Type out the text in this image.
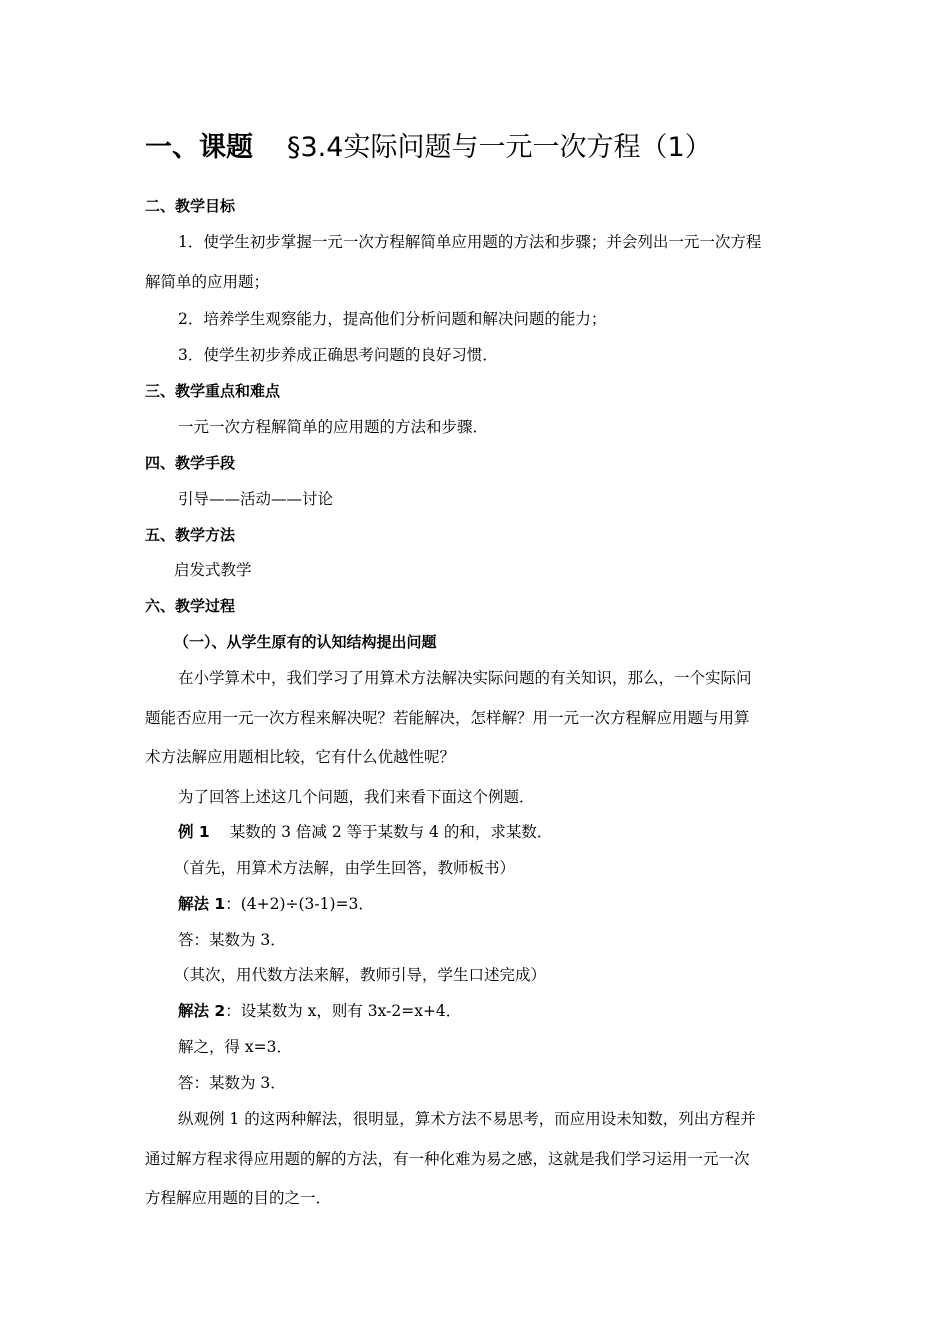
一、课题 §3.4实际问题与一元一次方程（1）
二、教学目标
1．使学生初步掌握一元一次方程解简单应用题的方法和步骤；并会列出一元一次方程
解简单的应用题；
2．培养学生观察能力，提高他们分析问题和解决问题的能力；
3．使学生初步养成正确思考问题的良好习惯．
三、教学重点和难点
一元一次方程解简单的应用题的方法和步骤．
四、教学手段
引导——活动——讨论
五、教学方法
启发式教学
六、教学过程
（一）、从学生原有的认知结构提出问题
在小学算术中，我们学习了用算术方法解决实际问题的有关知识，那么，一个实际问
题能否应用一元一次方程来解决呢？若能解决，怎样解？用一元一次方程解应用题与用算
术方法解应用题相比较，它有什么优越性呢？
为了回答上述这几个问题，我们来看下面这个例题．
例 1 某数的 3 倍减 2 等于某数与 4 的和，求某数．
（首先，用算术方法解，由学生回答，教师板书）
解法 1：(4+2)÷(3-1)=3．
答：某数为 3．
（其次，用代数方法来解，教师引导，学生口述完成）
解法 2：设某数为 x，则有 3x-2=x+4．
解之，得 x=3．
答：某数为 3．
纵观例 1 的这两种解法，很明显，算术方法不易思考，而应用设未知数，列出方程并
通过解方程求得应用题的解的方法，有一种化难为易之感，这就是我们学习运用一元一次
方程解应用题的目的之一．
